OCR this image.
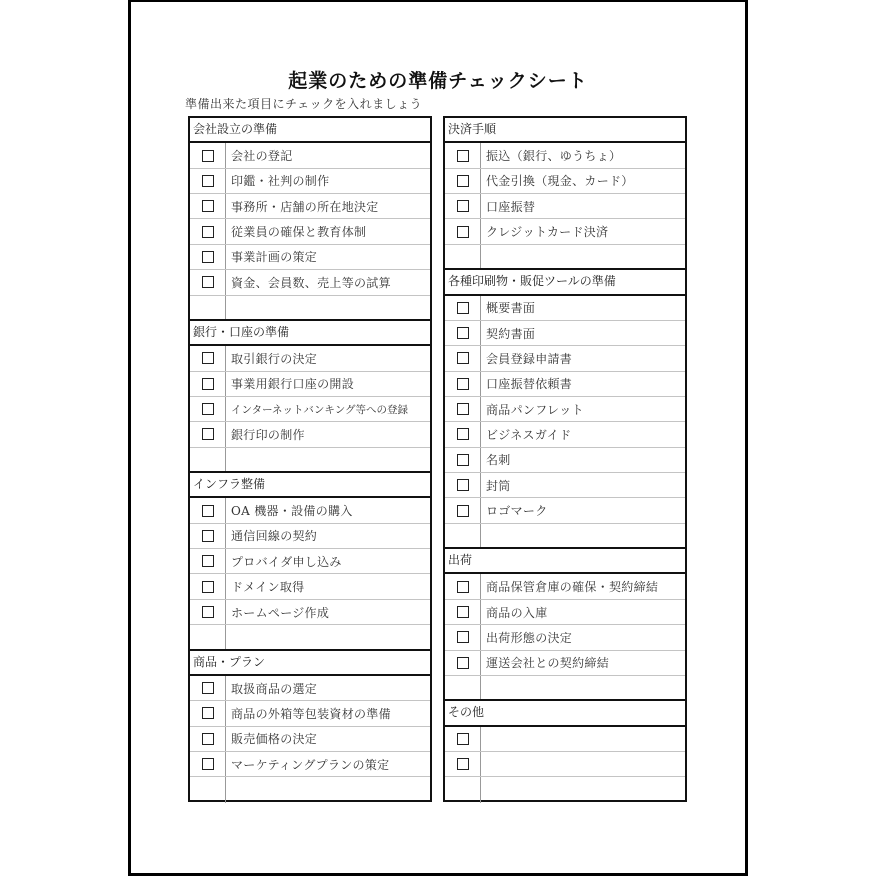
起業のための準備チェックシート
準備出来た項目にチェックを入れましょう
会社設立の準備
会社の登記
印鑑・社判の制作
事務所・店舗の所在地決定
従業員の確保と教育体制
事業計画の策定
資金、会員数、売上等の試算
銀行・口座の準備
取引銀行の決定
事業用銀行口座の開設
インターネットバンキング等への登録
銀行印の制作
インフラ整備
OA 機器・設備の購入
通信回線の契約
プロバイダ申し込み
ドメイン取得
ホームページ作成
商品・プラン
取扱商品の選定
商品の外箱等包装資材の準備
販売価格の決定
マーケティングプランの策定
決済手順
振込（銀行、ゆうちょ）
代金引換（現金、カード）
口座振替
クレジットカード決済
各種印刷物・販促ツールの準備
概要書面
契約書面
会員登録申請書
口座振替依頼書
商品パンフレット
ビジネスガイド
名刺
封筒
ロゴマーク
出荷
商品保管倉庫の確保・契約締結
商品の入庫
出荷形態の決定
運送会社との契約締結
その他
